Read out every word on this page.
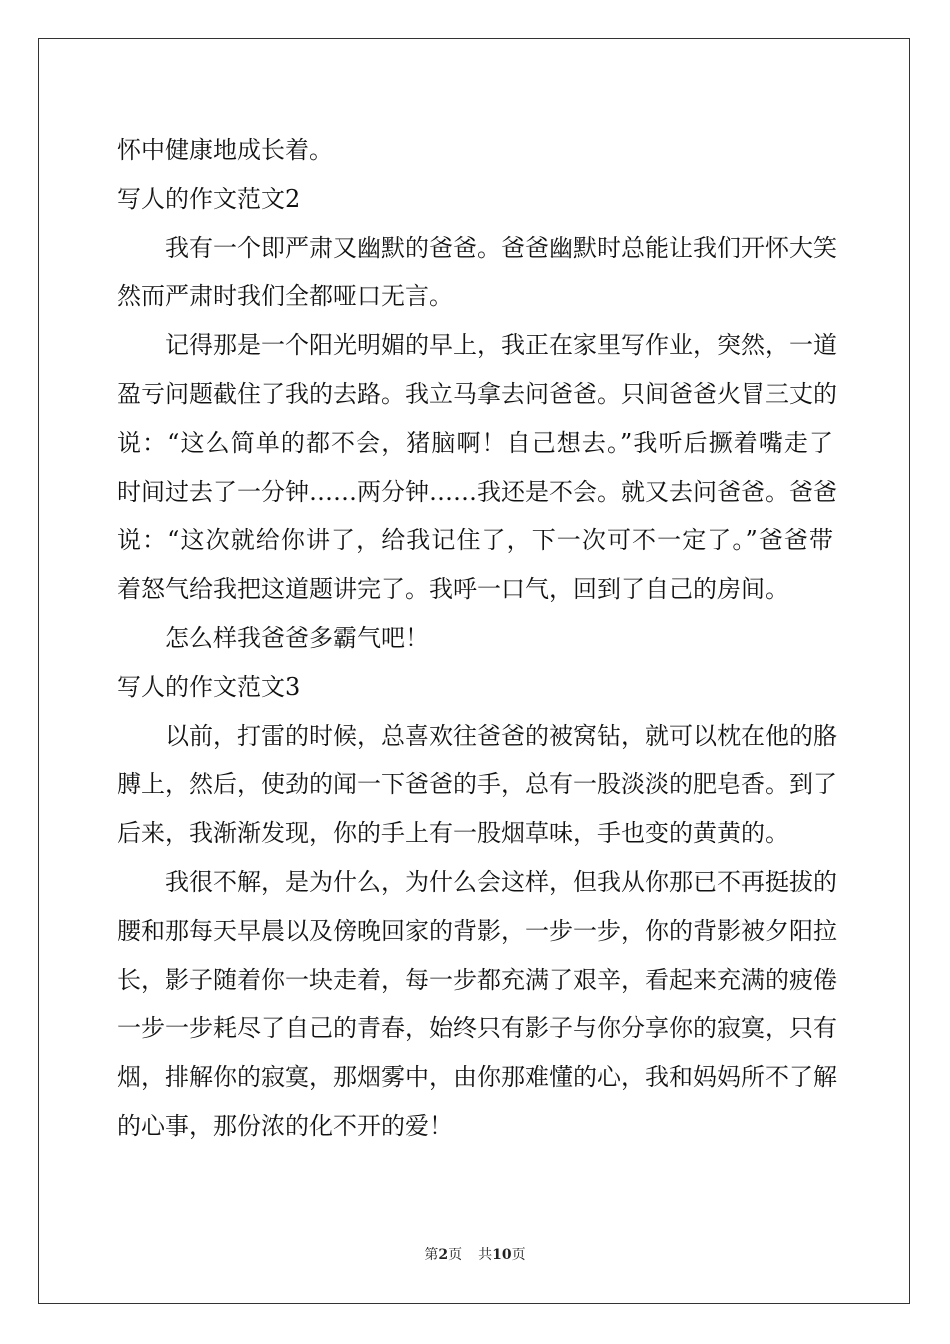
怀中健康地成长着。
写人的作文范文2
我有一个即严肃又幽默的爸爸。爸爸幽默时总能让我们开怀大笑
然而严肃时我们全都哑口无言。
记得那是一个阳光明媚的早上，我正在家里写作业，突然，一道
盈亏问题截住了我的去路。我立马拿去问爸爸。只间爸爸火冒三丈的
说：“这么简单的都不会，猪脑啊！自己想去。”我听后撅着嘴走了
时间过去了一分钟……两分钟……我还是不会。就又去问爸爸。爸爸
说：“这次就给你讲了，给我记住了，下一次可不一定了。”爸爸带
着怒气给我把这道题讲完了。我呼一口气，回到了自己的房间。
怎么样我爸爸多霸气吧！
写人的作文范文3
以前，打雷的时候，总喜欢往爸爸的被窝钻，就可以枕在他的胳
膊上，然后，使劲的闻一下爸爸的手，总有一股淡淡的肥皂香。到了
后来，我渐渐发现，你的手上有一股烟草味，手也变的黄黄的。
我很不解，是为什么，为什么会这样，但我从你那已不再挺拔的
腰和那每天早晨以及傍晚回家的背影，一步一步，你的背影被夕阳拉
长，影子随着你一块走着，每一步都充满了艰辛，看起来充满的疲倦
一步一步耗尽了自己的青春，始终只有影子与你分享你的寂寞，只有
烟，排解你的寂寞，那烟雾中，由你那难懂的心，我和妈妈所不了解
的心事，那份浓的化不开的爱！
第2页 共10页
